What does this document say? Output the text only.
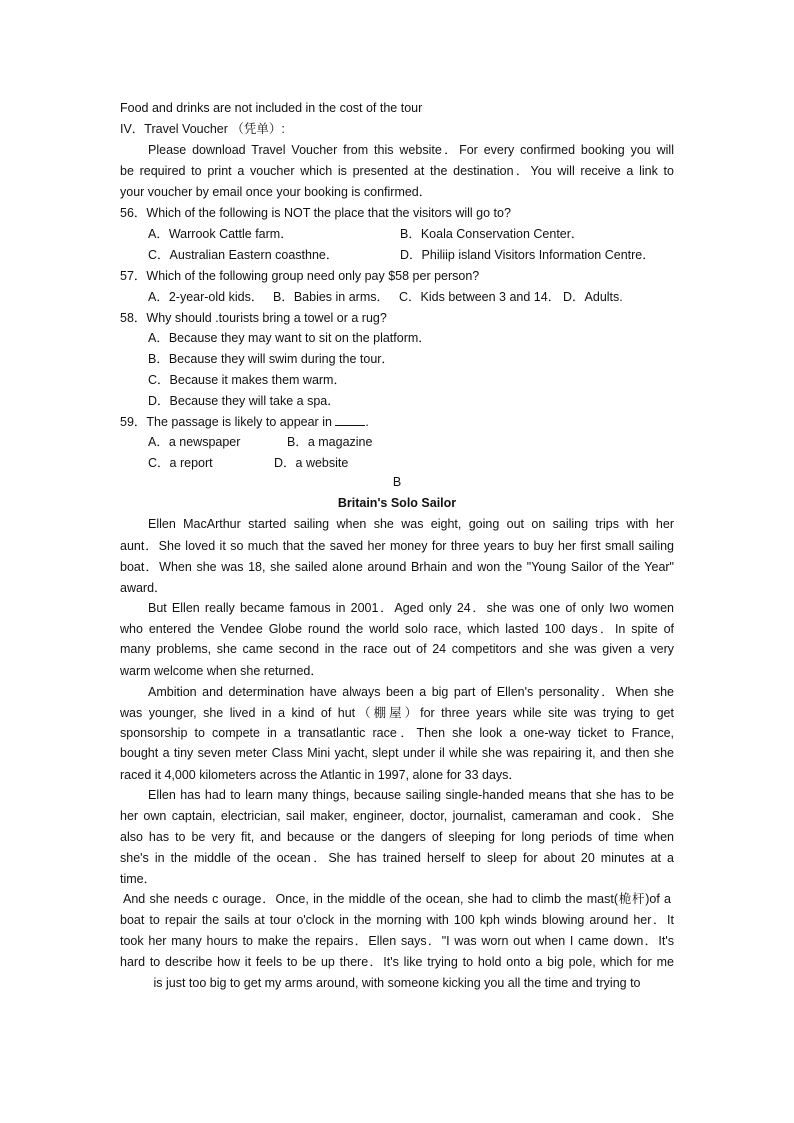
Food and drinks are not included in the cost of the tour
IV．Travel Voucher （凭单）:
Please download Travel Voucher from this website．For every confirmed booking you will
be required to print a voucher which is presented at the destination．You will receive a link to
your voucher by email once your booking is confirmed．
56．Which of the following is NOT the place that the visitors will go to?
A．Warrook Cattle farm．	B．Koala Conservation Center．
C．Australian Eastern coasthne．	D．Philiip island Visitors Information Centre．
57．Which of the following group need only pay $58 per person?
A．2-year-old kids． B．Babies in arms． C．Kids between 3 and 14． D．Adults.
58．Why should .tourists bring a towel or a rug?
A．Because they may want to sit on the platform．
B．Because they will swim during the tour．
C．Because it makes them warm．
D．Because they will take a spa．
59．The passage is likely to appear in .
A．a newspaper	B．a magazine
C．a report	D．a website
B
Britain's Solo Sailor
Ellen MacArthur started sailing when she was eight, going out on sailing trips with her
aunt．She loved it so much that the saved her money for three years to buy her first small sailing
boat．When she was 18, she sailed alone around Brhain and won the "Young Sailor of the Year"
award．
But Ellen really became famous in 2001．Aged only 24．she was one of only Iwo women
who entered the Vendee Globe round the world solo race, which lasted 100 days．In spite of
many problems, she came second in the race out of 24 competitors and she was given a very
warm welcome when she returned．
Ambition and determination have always been a big part of Ellen's personality．When she
was younger, she lived in a kind of hut（棚屋）for three years while site was trying to get
sponsorship to compete in a transatlantic race．Then she look a one-way ticket to France,
bought a tiny seven meter Class Mini yacht, slept under il while she was repairing it, and then she
raced it 4,000 kilometers across the Atlantic in 1997, alone for 33 days．
Ellen has had to learn many things, because sailing single-handed means that she has to be
her own captain, electrician, sail maker, engineer, doctor, journalist, cameraman and cook．She
also has to be very fit, and because or the dangers of sleeping for long periods of time when
she's in the middle of the ocean．She has trained herself to sleep for about 20 minutes at a
time．
And she needs c ourage．Once, in the middle of the ocean, she had to climb the mast(桅杆)of a
boat to repair the sails at tour o'clock in the morning with 100 kph winds blowing around her．It
took her many hours to make the repairs．Ellen says．"I was worn out when I came down．It's
hard to describe how it feels to be up there．It's like trying to hold onto a big pole, which for me
is just too big to get my arms around, with someone kicking you all the time and trying to
